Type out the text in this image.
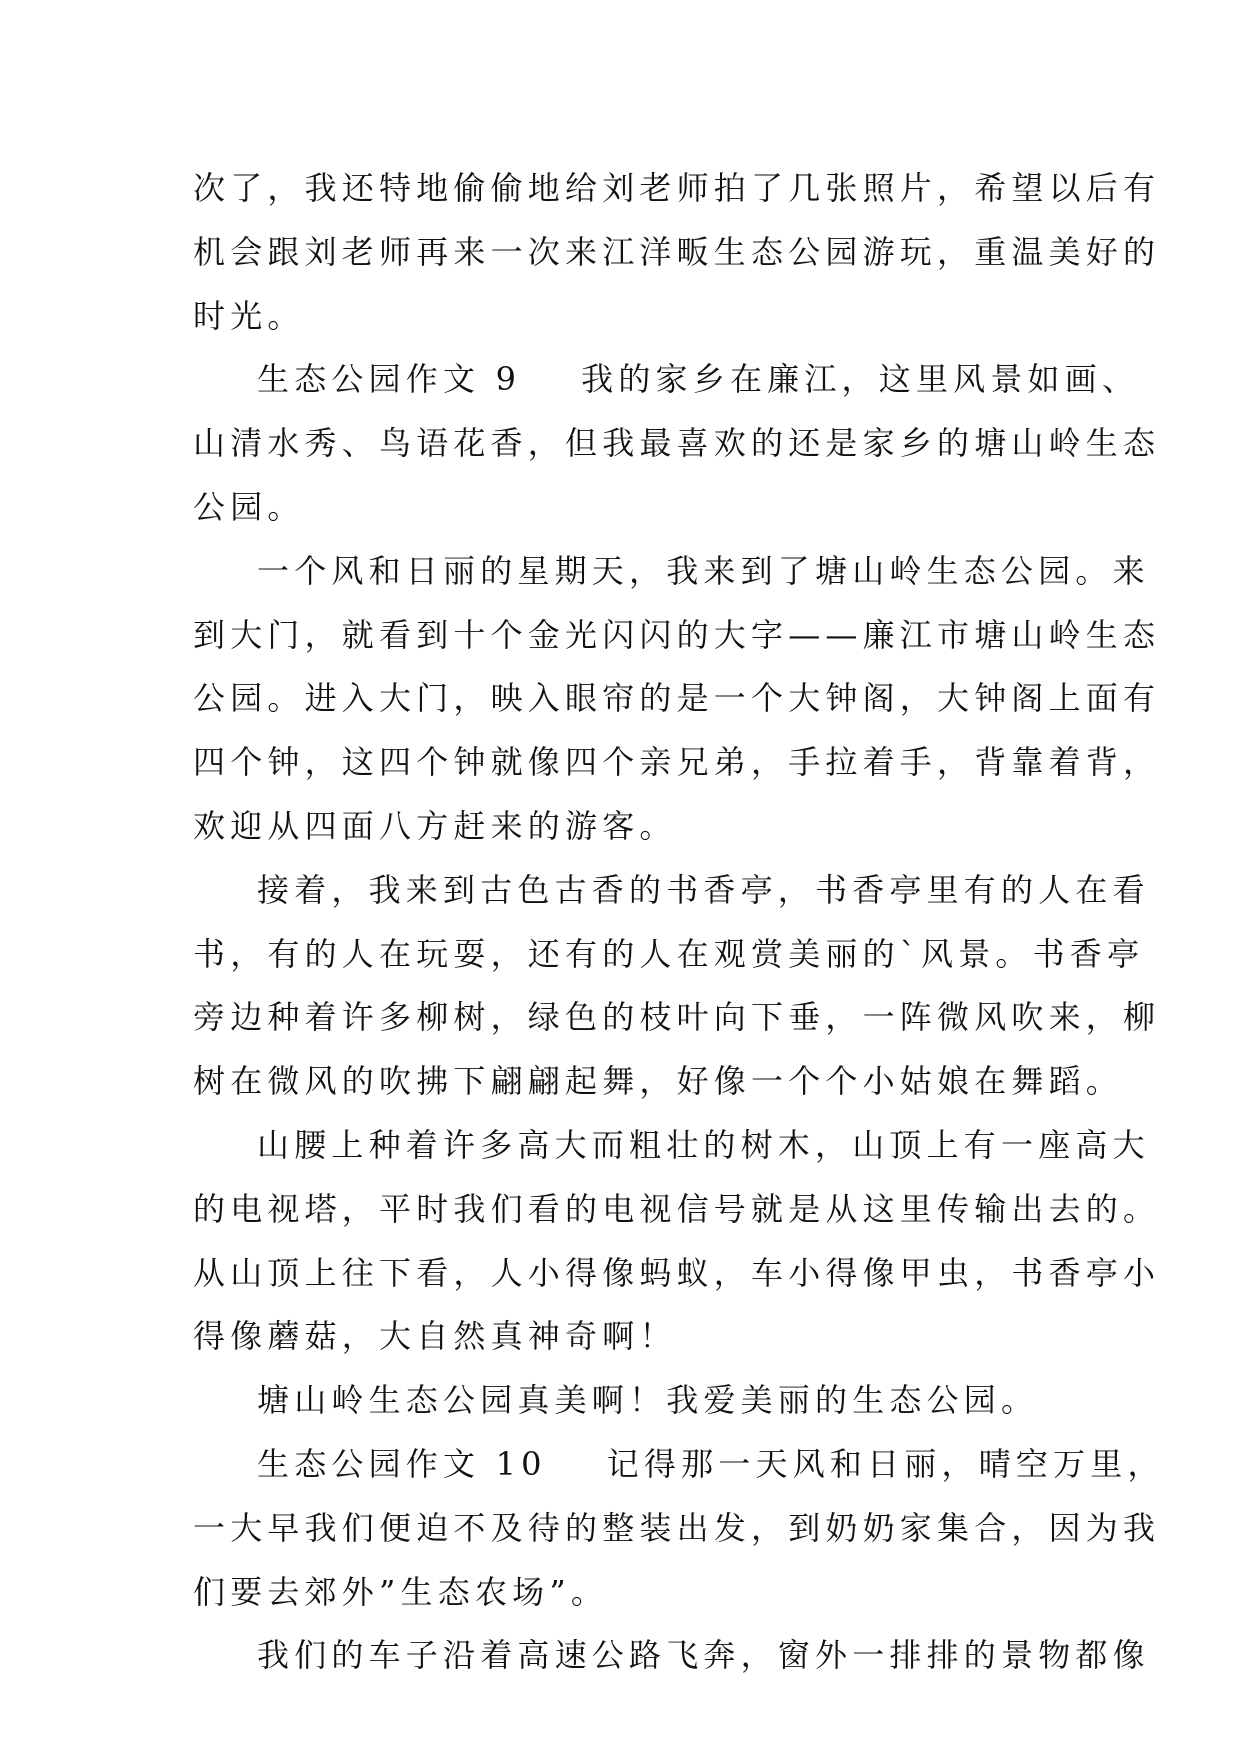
次了，我还特地偷偷地给刘老师拍了几张照片，希望以后有
机会跟刘老师再来一次来江洋畈生态公园游玩，重温美好的
时光。
生态公园作文 9 我的家乡在廉江，这里风景如画、
山清水秀、鸟语花香，但我最喜欢的还是家乡的塘山岭生态
公园。
一个风和日丽的星期天，我来到了塘山岭生态公园。来
到大门，就看到十个金光闪闪的大字——廉江市塘山岭生态
公园。进入大门，映入眼帘的是一个大钟阁，大钟阁上面有
四个钟，这四个钟就像四个亲兄弟，手拉着手，背靠着背，
欢迎从四面八方赶来的游客。
接着，我来到古色古香的书香亭，书香亭里有的人在看
书，有的人在玩耍，还有的人在观赏美丽的`风景。书香亭
旁边种着许多柳树，绿色的枝叶向下垂，一阵微风吹来，柳
树在微风的吹拂下翩翩起舞，好像一个个小姑娘在舞蹈。
山腰上种着许多高大而粗壮的树木，山顶上有一座高大
的电视塔，平时我们看的电视信号就是从这里传输出去的。
从山顶上往下看，人小得像蚂蚁，车小得像甲虫，书香亭小
得像蘑菇，大自然真神奇啊！
塘山岭生态公园真美啊！我爱美丽的生态公园。
生态公园作文 10 记得那一天风和日丽，晴空万里，
一大早我们便迫不及待的整装出发，到奶奶家集合，因为我
们要去郊外”生态农场”。
我们的车子沿着高速公路飞奔，窗外一排排的景物都像
